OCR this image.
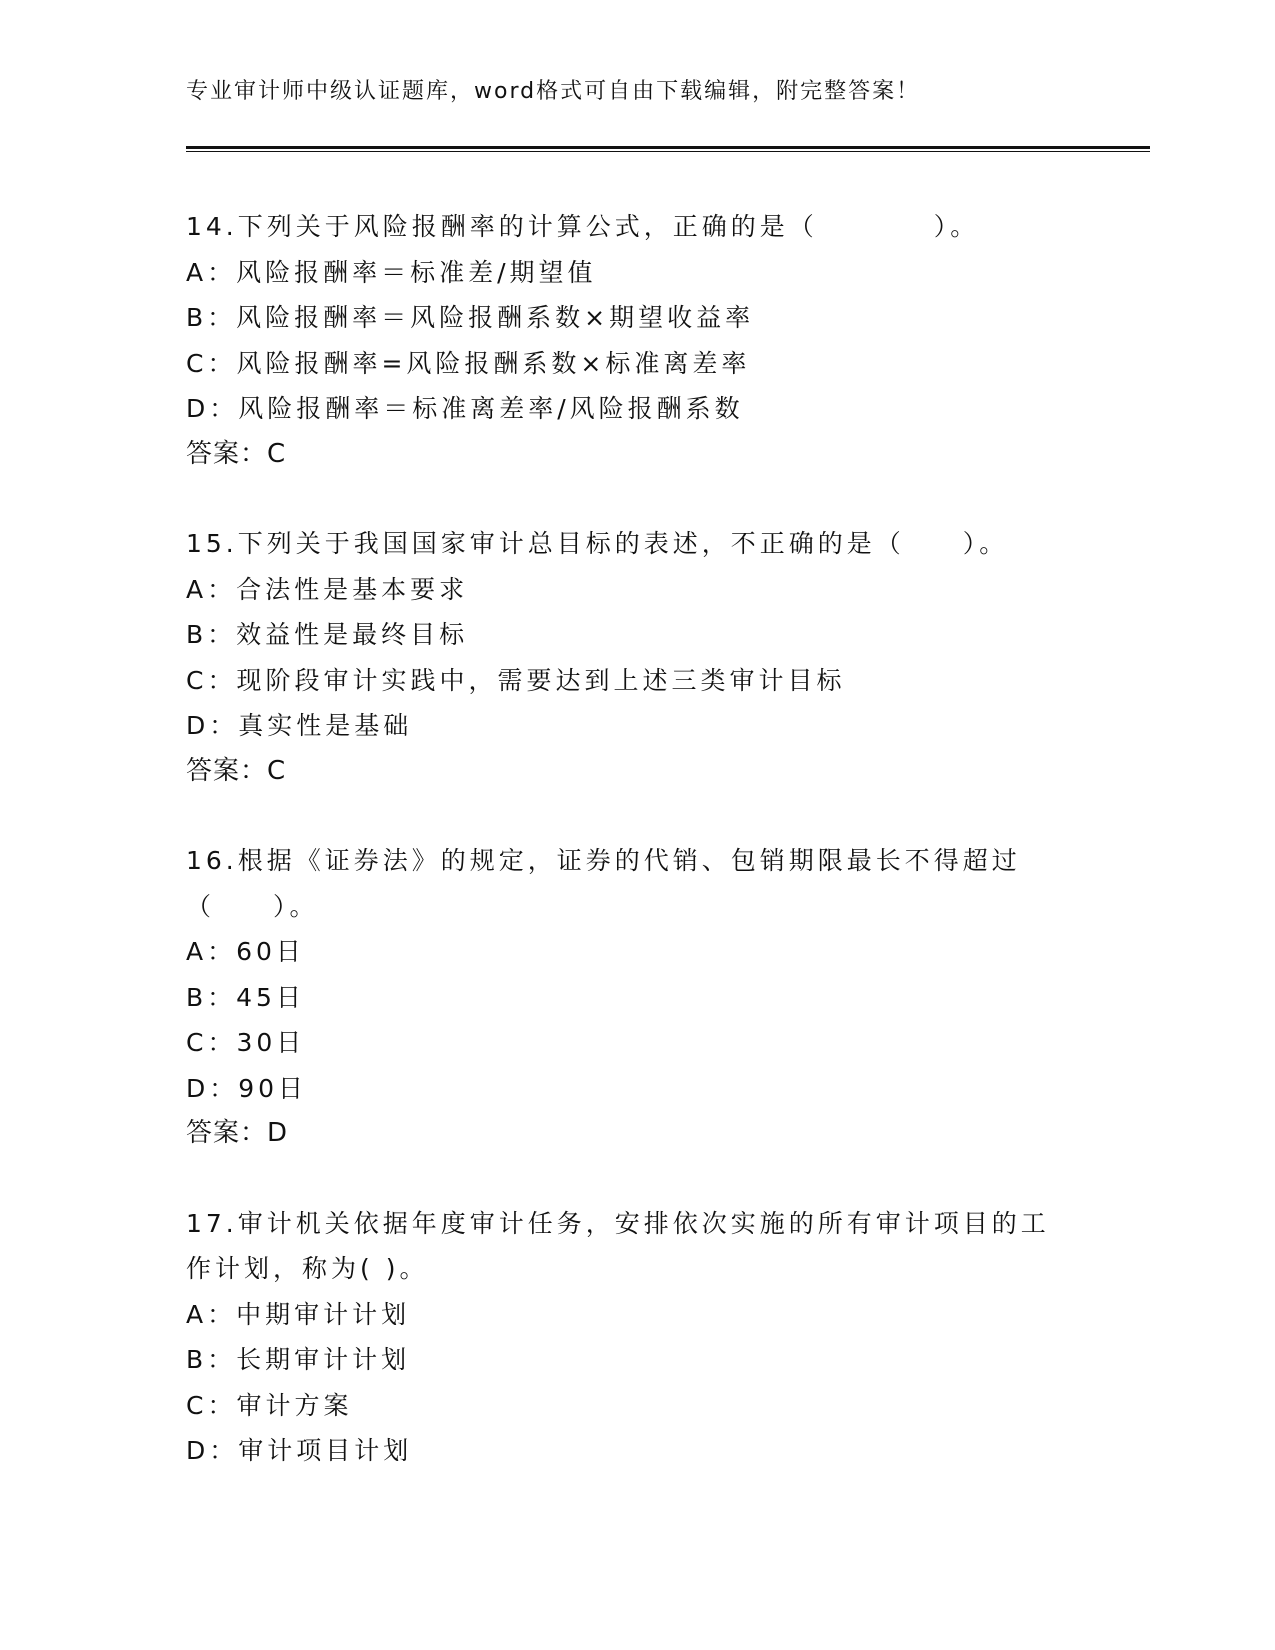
专业审计师中级认证题库，word格式可自由下载编辑，附完整答案！
14.下列关于风险报酬率的计算公式，正确的是（　　　　）。
A：风险报酬率＝标准差/期望值
B：风险报酬率＝风险报酬系数×期望收益率
C：风险报酬率=风险报酬系数×标准离差率
D：风险报酬率＝标准离差率/风险报酬系数
答案：C
15.下列关于我国国家审计总目标的表述，不正确的是（　　）。
A：合法性是基本要求
B：效益性是最终目标
C：现阶段审计实践中，需要达到上述三类审计目标
D：真实性是基础
答案：C
16.根据《证券法》的规定，证券的代销、包销期限最长不得超过（　　）。
A：60日
B：45日
C：30日
D：90日
答案：D
17.审计机关依据年度审计任务，安排依次实施的所有审计项目的工作计划，称为( )。
A：中期审计计划
B：长期审计计划
C：审计方案
D：审计项目计划
